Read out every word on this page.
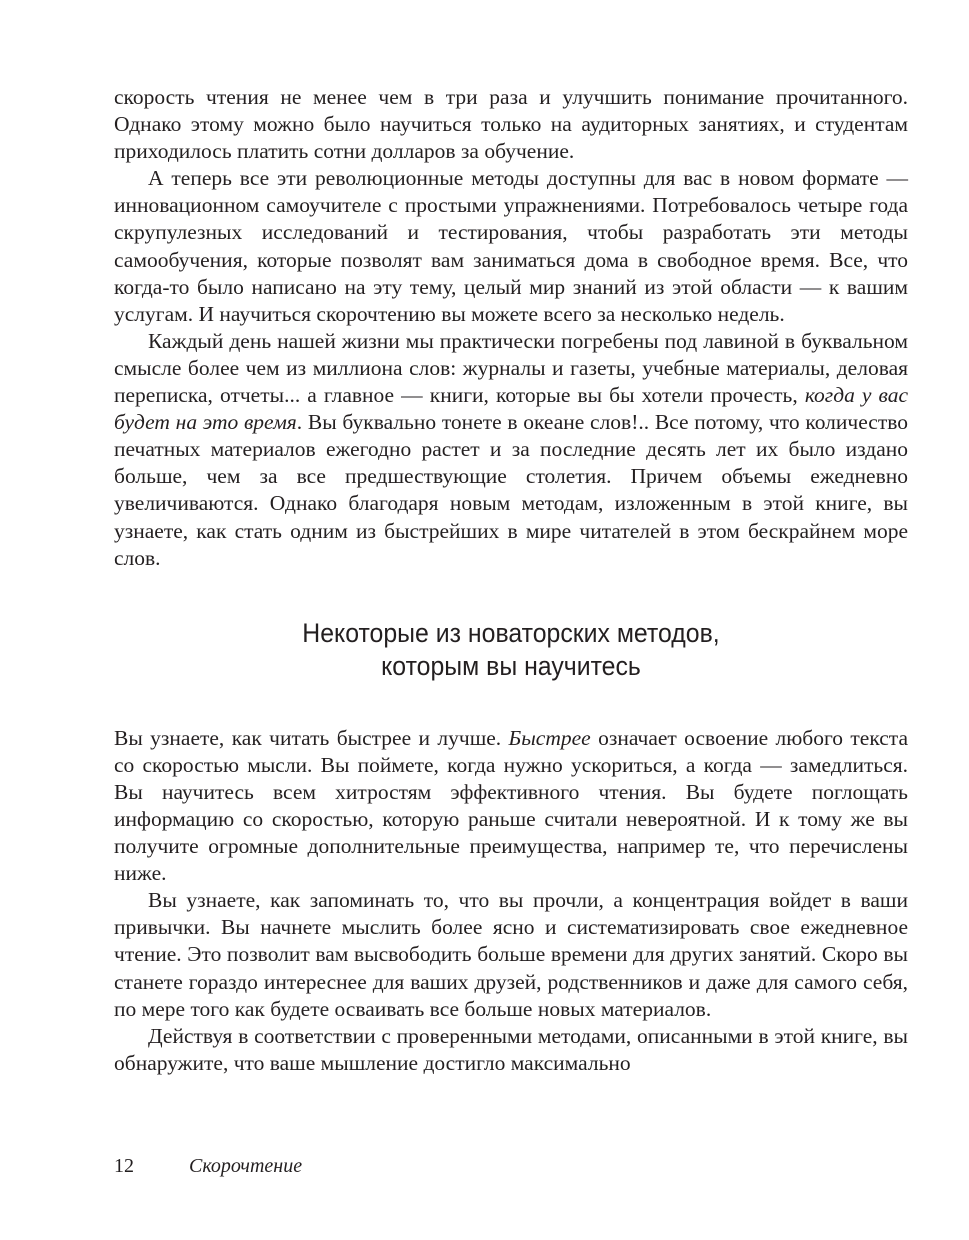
скорость чтения не менее чем в три раза и улучшить понимание прочитанного. Однако этому можно было научиться только на аудиторных занятиях, и студентам приходилось платить сотни долларов за обучение.

А теперь все эти революционные методы доступны для вас в новом формате — инновационном самоучителе с простыми упражнениями. Потребовалось четыре года скрупулезных исследований и тестирования, чтобы разработать эти методы самообучения, которые позволят вам заниматься дома в свободное время. Все, что когда-то было написано на эту тему, целый мир знаний из этой области — к вашим услугам. И научиться скорочтению вы можете всего за несколько недель.

Каждый день нашей жизни мы практически погребены под лавиной в буквальном смысле более чем из миллиона слов: журналы и газеты, учебные материалы, деловая переписка, отчеты... а главное — книги, которые вы бы хотели прочесть, когда у вас будет на это время. Вы буквально тонете в океане слов!.. Все потому, что количество печатных материалов ежегодно растет и за последние десять лет их было издано больше, чем за все предшествующие столетия. Причем объемы ежедневно увеличиваются. Однако благодаря новым методам, изложенным в этой книге, вы узнаете, как стать одним из быстрейших в мире читателей в этом бескрайнем море слов.

Некоторые из новаторских методов,
которым вы научитесь

Вы узнаете, как читать быстрее и лучше. Быстрее означает освоение любого текста со скоростью мысли. Вы поймете, когда нужно ускориться, а когда — замедлиться. Вы научитесь всем хитростям эффективного чтения. Вы будете поглощать информацию со скоростью, которую раньше считали невероятной. И к тому же вы получите огромные дополнительные преимущества, например те, что перечислены ниже.

Вы узнаете, как запоминать то, что вы прочли, а концентрация войдет в ваши привычки. Вы начнете мыслить более ясно и систематизировать свое ежедневное чтение. Это позволит вам высвободить больше времени для других занятий. Скоро вы станете гораздо интереснее для ваших друзей, родственников и даже для самого себя, по мере того как будете осваивать все больше новых материалов.

Действуя в соответствии с проверенными методами, описанными в этой книге, вы обнаружите, что ваше мышление достигло максимально

12	Скорочтение
